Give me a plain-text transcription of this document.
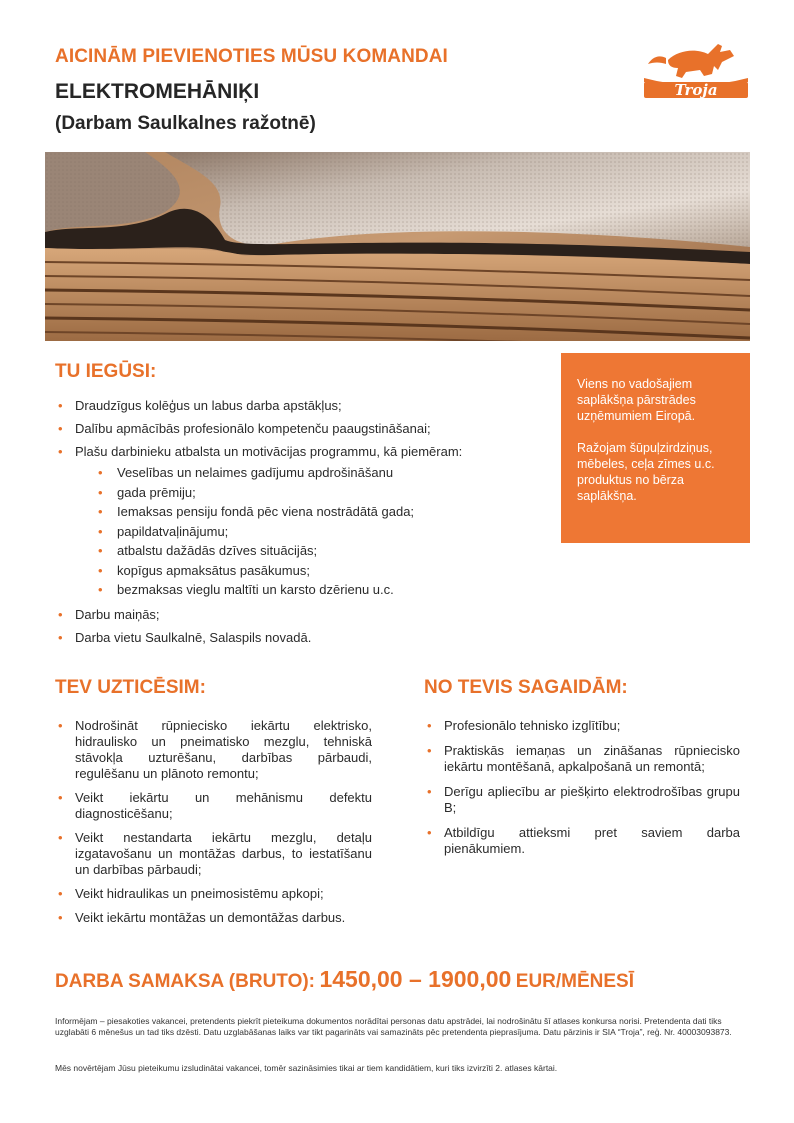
AICINĀM PIEVIENOTIES MŪSU KOMANDAI
ELEKTROMEHĀNIĶI
(Darbam Saulkalnes ražotnē)
Troja
TU IEGŪSI:
• Draudzīgus kolēģus un labus darba apstākļus;
• Dalību apmācībās profesionālo kompetenču paaugstināšanai;
• Plašu darbinieku atbalsta un motivācijas programmu, kā piemēram:
• Veselības un nelaimes gadījumu apdrošināšanu
• gada prēmiju;
• Iemaksas pensiju fondā pēc viena nostrādātā gada;
• papildatvaļinājumu;
• atbalstu dažādās dzīves situācijās;
• kopīgus apmaksātus pasākumus;
• bezmaksas vieglu maltīti un karsto dzērienu u.c.
• Darbu maiņās;
• Darba vietu Saulkalnē, Salaspils novadā.

Viens no vadošajiem saplākšņa pārstrādes uzņēmumiem Eiropā.

Ražojam šūpuļzirdziņus, mēbeles, ceļa zīmes u.c. produktus no bērza saplākšņa.

TEV UZTICĒSIM:
• Nodrošināt rūpniecisko iekārtu elektrisko, hidraulisko un pneimatisko mezglu, tehniskā stāvokļa uzturēšanu, darbības pārbaudi, regulēšanu un plānoto remontu;
• Veikt iekārtu un mehānismu defektu diagnosticēšanu;
• Veikt nestandarta iekārtu mezglu, detaļu izgatavošanu un montāžas darbus, to iestatīšanu un darbības pārbaudi;
• Veikt hidraulikas un pneimosistēmu apkopi;
• Veikt iekārtu montāžas un demontāžas darbus.
NO TEVIS SAGAIDĀM:
• Profesionālo tehnisko izglītību;
• Praktiskās iemaņas un zināšanas rūpniecisko iekārtu montēšanā, apkalpošanā un remontā;
• Derīgu apliecību ar piešķirto elektrodrošības grupu B;
• Atbildīgu attieksmi pret saviem darba pienākumiem.
DARBA SAMAKSA (BRUTO): 1450,00 – 1900,00 EUR/MĒNESĪ

Informējam – piesakoties vakancei, pretendents piekrīt pieteikuma dokumentos norādītai personas datu apstrādei, lai nodrošinātu šī atlases konkursa norisi. Pretendenta dati tiks uzglabāti 6 mēnešus un tad tiks dzēsti. Datu uzglabāšanas laiks var tikt pagarināts vai samazināts pēc pretendenta pieprasījuma. Datu pārzinis ir SIA “Troja”, reģ. Nr. 40003093873.

Mēs novērtējam Jūsu pieteikumu izsludinātai vakancei, tomēr sazināsimies tikai ar tiem kandidātiem, kuri tiks izvirzīti 2. atlases kārtai.
